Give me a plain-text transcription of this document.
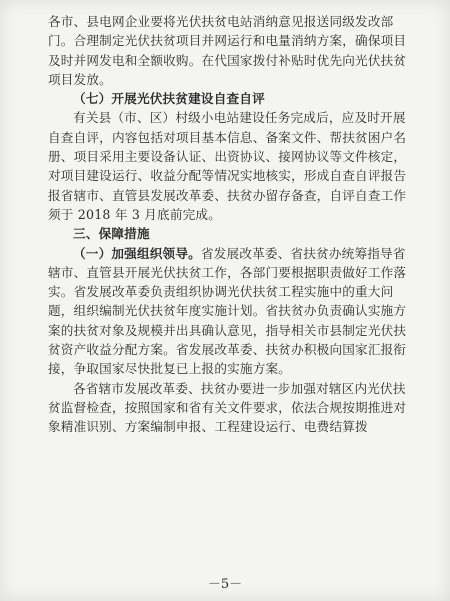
各市、县电网企业要将光伏扶贫电站消纳意见报送同级发改部门。合理制定光伏扶贫项目并网运行和电量消纳方案，确保项目及时并网发电和全额收购。在代国家拨付补贴时优先向光伏扶贫项目发放。

（七）开展光伏扶贫建设自查自评

有关县（市、区）村级小电站建设任务完成后，应及时开展自查自评，内容包括对项目基本信息、备案文件、帮扶贫困户名册、项目采用主要设备认证、出资协议、接网协议等文件核定，对项目建设运行、收益分配等情况实地核实，形成自查自评报告报省辖市、直管县发展改革委、扶贫办留存备查，自评自查工作须于 2018 年 3 月底前完成。

三、保障措施

（一）加强组织领导。省发展改革委、省扶贫办统筹指导省辖市、直管县开展光伏扶贫工作，各部门要根据职责做好工作落实。省发展改革委负责组织协调光伏扶贫工程实施中的重大问题，组织编制光伏扶贫年度实施计划。省扶贫办负责确认实施方案的扶贫对象及规模并出具确认意见，指导相关市县制定光伏扶贫资产收益分配方案。省发展改革委、扶贫办积极向国家汇报衔接，争取国家尽快批复已上报的实施方案。

各省辖市发展改革委、扶贫办要进一步加强对辖区内光伏扶贫监督检查，按照国家和省有关文件要求，依法合规按期推进对象精准识别、方案编制申报、工程建设运行、电费结算拨

－5－
